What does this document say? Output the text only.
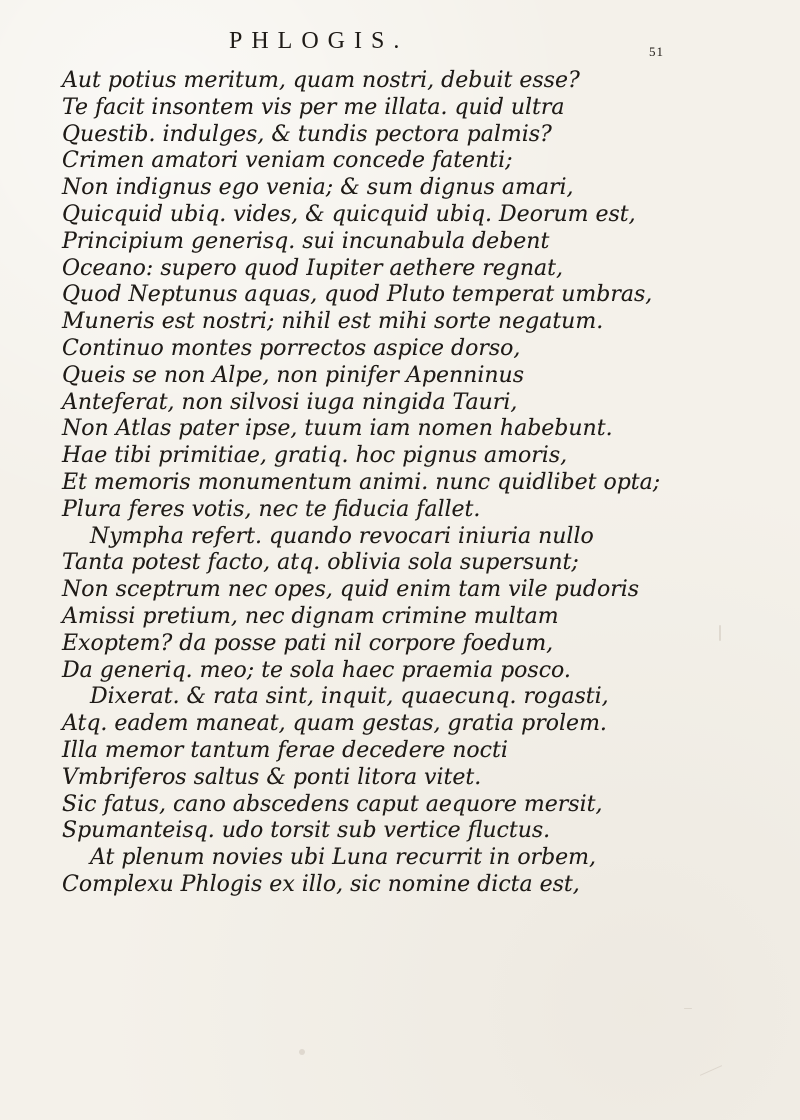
PHLOGIS.	51
Aut potius meritum, quam nostri, debuit esse?
Te facit insontem vis per me illata. quid ultra
Questib. indulges, & tundis pectora palmis?
Crimen amatori veniam concede fatenti;
Non indignus ego venia; & sum dignus amari,
Quicquid ubiq. vides, & quicquid ubiq. Deorum est,
Principium generisq. sui incunabula debent
Oceano: supero quod Iupiter aethere regnat,
Quod Neptunus aquas, quod Pluto temperat umbras,
Muneris est nostri; nihil est mihi sorte negatum.
Continuo montes porrectos aspice dorso,
Queis se non Alpe, non pinifer Apenninus
Anteferat, non silvosi iuga ningida Tauri,
Non Atlas pater ipse, tuum iam nomen habebunt.
Hae tibi primitiae, gratiq. hoc pignus amoris,
Et memoris monumentum animi. nunc quidlibet opta;
Plura feres votis, nec te fiducia fallet.
Nympha refert. quando revocari iniuria nullo
Tanta potest facto, atq. oblivia sola supersunt;
Non sceptrum nec opes, quid enim tam vile pudoris
Amissi pretium, nec dignam crimine multam
Exoptem? da posse pati nil corpore foedum,
Da generiq. meo; te sola haec praemia posco.
Dixerat. & rata sint, inquit, quaecunq. rogasti,
Atq. eadem maneat, quam gestas, gratia prolem.
Illa memor tantum ferae decedere nocti
Vmbriferos saltus & ponti litora vitet.
Sic fatus, cano abscedens caput aequore mersit,
Spumanteisq. udo torsit sub vertice fluctus.
At plenum novies ubi Luna recurrit in orbem,
Complexu Phlogis ex illo, sic nomine dicta est,
